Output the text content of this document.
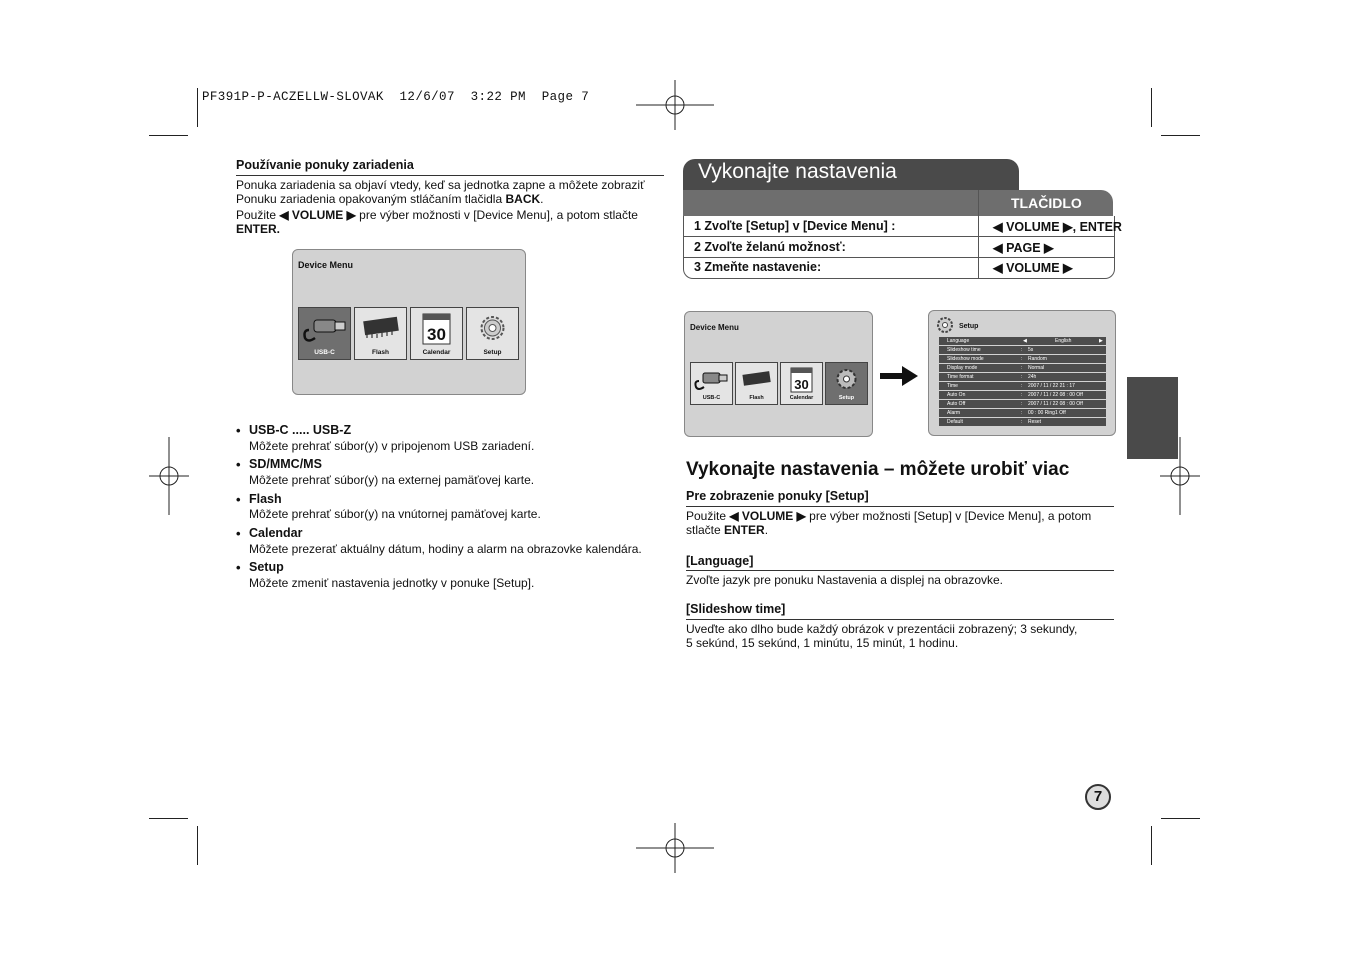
PF391P-P-ACZELLW-SLOVAK  12/6/07  3:22 PM  Page 7
Používanie ponuky zariadenia
Ponuka zariadenia sa objaví vtedy, keď sa jednotka zapne a môžete zobraziť
Ponuku zariadenia opakovaným stláčaním tlačidla BACK.
Použite ◀ VOLUME ▶ pre výber možnosti v [Device Menu], a potom stlačte
ENTER.
Device Menu
USB-C	Flash
30
Calendar	Setup
• USB-C ..... USB-Z
Môžete prehrať súbor(y) v pripojenom USB zariadení.
• SD/MMC/MS
Môžete prehrať súbor(y) na externej pamäťovej karte.
• Flash
Môžete prehrať súbor(y) na vnútornej pamäťovej karte.
• Calendar
Môžete prezerať aktuálny dátum, hodiny a alarm na obrazovke kalendára.
• Setup
Môžete zmeniť nastavenia jednotky v ponuke [Setup].
Vykonajte nastavenia
TLAČIDLO
1 Zvoľte [Setup] v [Device Menu] :	◀ VOLUME ▶, ENTER
2 Zvoľte želanú možnosť:	◀ PAGE ▶
3 Zmeňte nastavenie:	◀ VOLUME ▶
Device Menu
USB-C	Flash
30
Calendar	Setup
Setup
Language	◀	English	▶
Slideshow time	: 5s
Slideshow mode	: Random
Display mode	: Normal
Time format	: 24h
Time	: 2007 / 11 / 22 21 : 17
Auto On	: 2007 / 11 / 22 08 : 00 Off
Auto Off	: 2007 / 11 / 22 08 : 00 Off
Alarm	: 00 : 00 Ring1 Off
Default	: Reset
Vykonajte nastavenia – môžete urobiť viac
Pre zobrazenie ponuky [Setup]
Použite ◀ VOLUME ▶ pre výber možnosti [Setup] v [Device Menu], a potom
stlačte ENTER.
[Language]
Zvoľte jazyk pre ponuku Nastavenia a displej na obrazovke.
[Slideshow time]
Uveďte ako dlho bude každý obrázok v prezentácii zobrazený; 3 sekundy,
5 sekúnd, 15 sekúnd, 1 minútu, 15 minút, 1 hodinu.
7
